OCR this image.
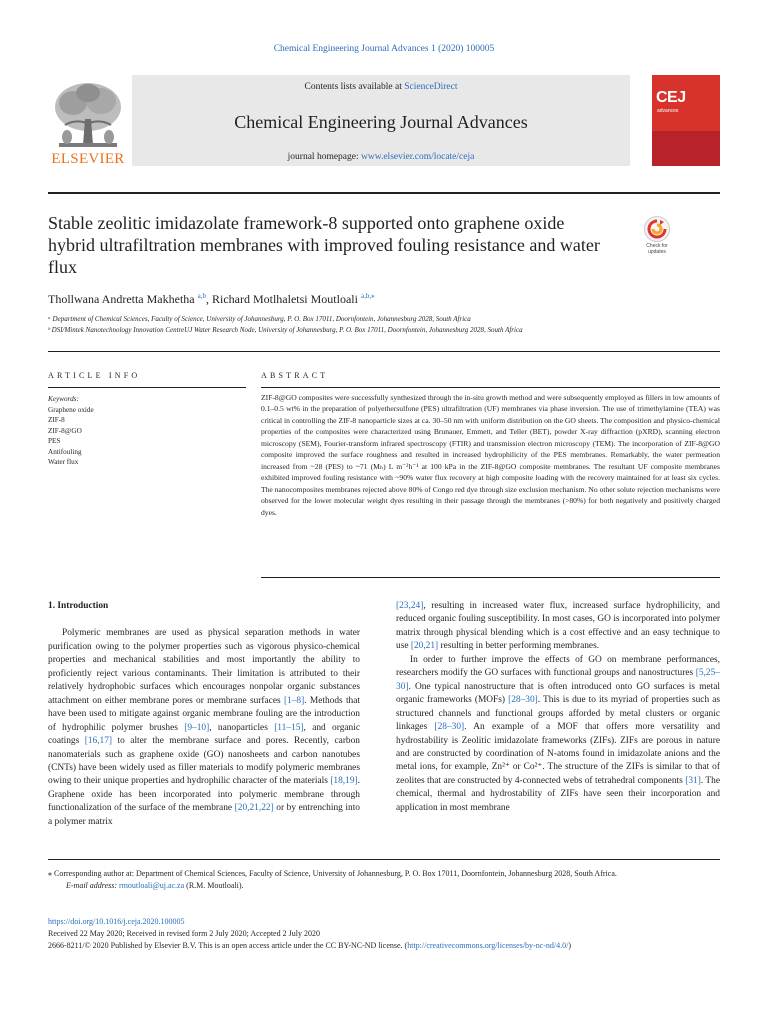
Chemical Engineering Journal Advances 1 (2020) 100005
ELSEVIER
Contents lists available at ScienceDirect
Chemical Engineering Journal Advances
journal homepage: www.elsevier.com/locate/ceja
CEJ
advances
Stable zeolitic imidazolate framework-8 supported onto graphene oxide hybrid ultrafiltration membranes with improved fouling resistance and water flux
Check for updates
Thollwana Andretta Makhetha $^{a,b}$, Richard Motlhaletsi Moutloali $^{a,b,⁎}$
ᵃ Department of Chemical Sciences, Faculty of Science, University of Johannesburg, P. O. Box 17011, Doornfontein, Johannesburg 2028, South Africa
ᵇ DSI/Mintek Nanotechnology Innovation CentreUJ Water Research Node, University of Johannesburg, P. O. Box 17011, Doornfontein, Johannesburg 2028, South Africa
ARTICLE INFO	ABSTRACT
Keywords:
Graphene oxide
ZIF-8
ZIF-8@GO
PES
Antifouling
Water flux

ZIF-8@GO composites were successfully synthesized through the in-situ growth method and were subsequently employed as fillers in low amounts of 0.1–0.5 wt% in the preparation of polyethersulfone (PES) ultrafiltration (UF) membranes via phase inversion. The use of trimethylamine (TEA) was critical in controlling the ZIF-8 nanoparticle sizes at ca. 30–50 nm with uniform distribution on the GO sheets. The composition and physico-chemical properties of the composites were characterized using Brunauer, Emmett, and Teller (BET), powder X-ray diffraction (pXRD), scanning electron microscopy (SEM), Fourier-transform infrared spectroscopy (FTIR) and transmission electron microscopy (TEM). The incorporation of ZIF-8@GO composite improved the surface roughness and resulted in increased hydrophilicity of the PES membranes. Remarkably, the water permeation increased from ~28 (PES) to ~71 (Mₕ) L m⁻²h⁻¹ at 100 kPa in the ZIF-8@GO composite membranes. The resultant UF composite membranes exhibited improved fouling resistance with ~90% water flux recovery at high composite loading with the recovery maintained for at least six cycles. The nanocomposites membranes rejected above 80% of Congo red dye through size exclusion mechanism. No other solute rejection mechanisms were observed for the lower molecular weight dyes resulting in their passage through the membranes (>80%) for both negatively and positively charged dyes.

1. Introduction

Polymeric membranes are used as physical separation methods in water purification owing to the polymer properties such as vigorous physico-chemical properties and mechanical stabilities and most importantly the ability to proficiently reject various contaminants. Their limitation is attributed to their relatively hydrophobic surfaces which encourages nonpolar organic substances attachment on either membrane pores or membrane surfaces [1–8]. Methods that have been used to mitigate against organic membrane fouling are the introduction of hydrophilic polymer brushes [9–10], nanoparticles [11–15], and organic coatings [16,17] to alter the membrane surface and pores. Recently, carbon nanomaterials such as graphene oxide (GO) nanosheets and carbon nanotubes (CNTs) have been widely used as filler materials to modify polymeric membranes owing to their unique properties and hydrophilic character of the materials [18,19]. Graphene oxide has been incorporated into polymeric membrane through functionalization of the surface of the membrane [20,21,22] or by entrenching into a polymer matrix

[23,24], resulting in increased water flux, increased surface hydrophilicity, and reduced organic fouling susceptibility. In most cases, GO is incorporated into polymer matrix through physical blending which is a cost effective and an easy technique to use [20,21] resulting in better performing membranes.

In order to further improve the effects of GO on membrane performances, researchers modify the GO surfaces with functional groups and nanostructures [5,25–30]. One typical nanostructure that is often introduced onto GO surfaces is metal organic frameworks (MOFs) [28–30]. This is due to its myriad of properties such as structured channels and functional groups afforded by metal clusters or organic linkages [28–30]. An example of a MOF that offers more versatility and hydrostability is Zeolitic imidazolate frameworks (ZIFs). ZIFs are porous in nature and are constructed by coordination of N-atoms found in imidazolate anions and the metal ions, for example, Zn²⁺ or Co²⁺. The structure of the ZIFs is similar to that of zeolites that are constructed by 4-connected webs of tetrahedral components [31]. The chemical, thermal and hydrostability of ZIFs have seen their incorporation and application in most membrane

⁎ Corresponding author at: Department of Chemical Sciences, Faculty of Science, University of Johannesburg, P. O. Box 17011, Doornfontein, Johannesburg 2028, South Africa.

E-mail address: rmoutloali@uj.ac.za (R.M. Moutloali).

https://doi.org/10.1016/j.ceja.2020.100005

Received 22 May 2020; Received in revised form 2 July 2020; Accepted 2 July 2020

2666-8211/© 2020 Published by Elsevier B.V. This is an open access article under the CC BY-NC-ND license. (http://creativecommons.org/licenses/by-nc-nd/4.0/)
